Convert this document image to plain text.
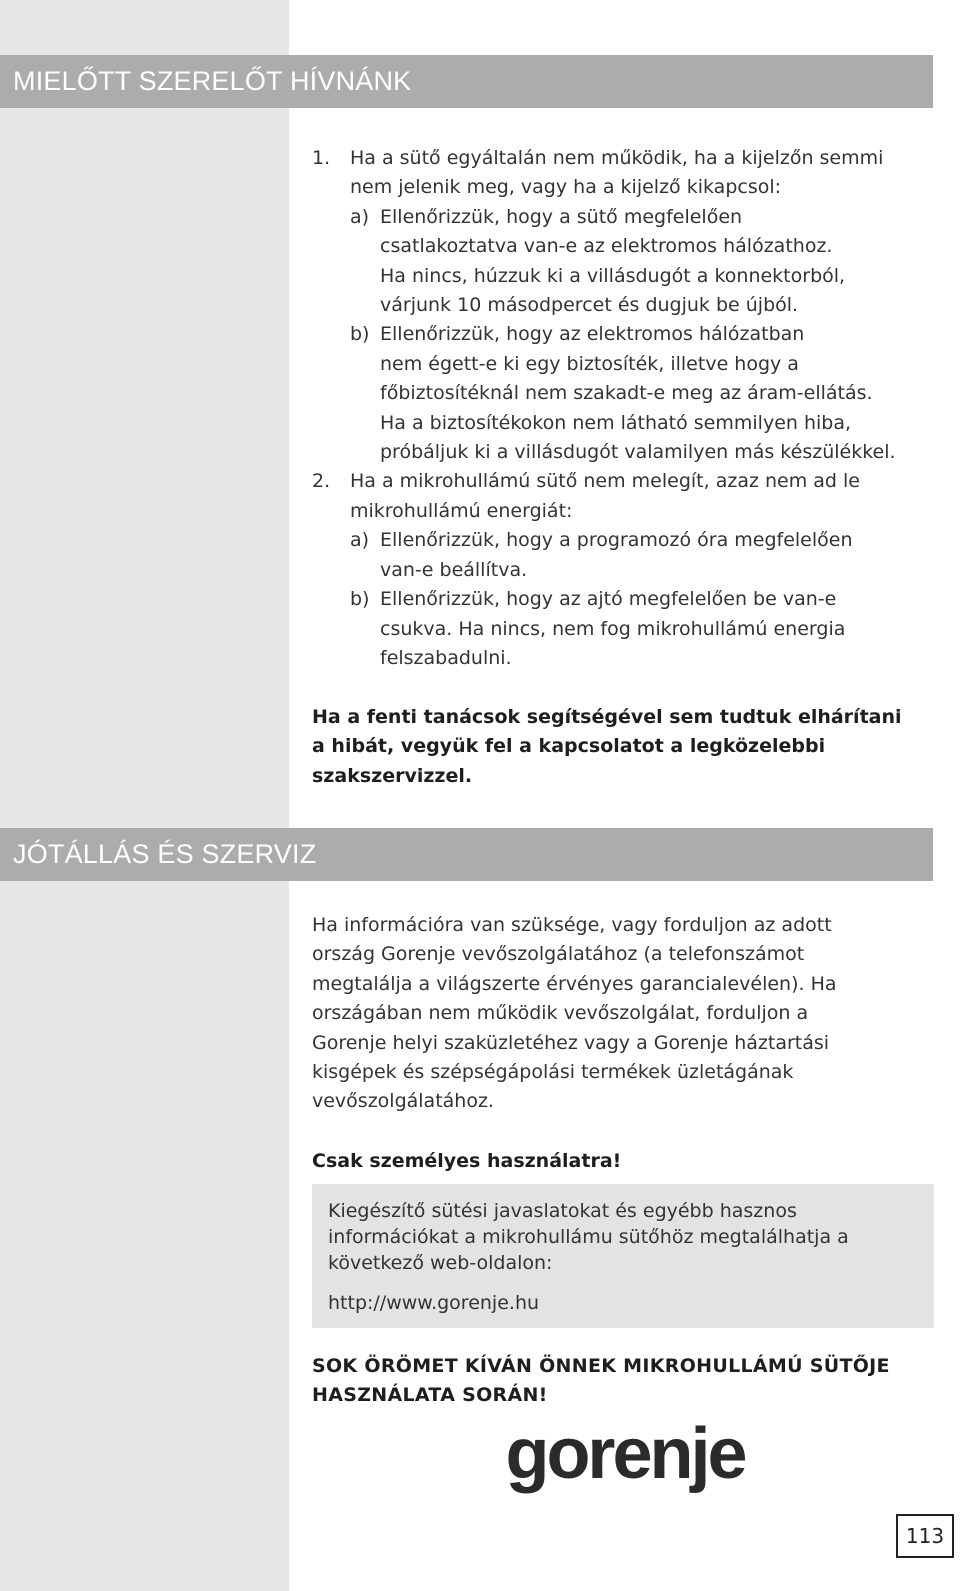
MIELŐTT SZERELŐT HÍVNÁNK
1. Ha a sütő egyáltalán nem működik, ha a kijelzőn semmi
nem jelenik meg, vagy ha a kijelző kikapcsol:
a) Ellenőrizzük, hogy a sütő megfelelően
csatlakoztatva van-e az elektromos hálózathoz.
Ha nincs, húzzuk ki a villásdugót a konnektorból,
várjunk 10 másodpercet és dugjuk be újból.
b) Ellenőrizzük, hogy az elektromos hálózatban
nem égett-e ki egy biztosíték, illetve hogy a
főbiztosítéknál nem szakadt-e meg az áram-ellátás.
Ha a biztosítékokon nem látható semmilyen hiba,
próbáljuk ki a villásdugót valamilyen más készülékkel.
2. Ha a mikrohullámú sütő nem melegít, azaz nem ad le
mikrohullámú energiát:
a) Ellenőrizzük, hogy a programozó óra megfelelően
van-e beállítva.
b) Ellenőrizzük, hogy az ajtó megfelelően be van-e
csukva. Ha nincs, nem fog mikrohullámú energia
felszabadulni.
Ha a fenti tanácsok segítségével sem tudtuk elhárítani
a hibát, vegyük fel a kapcsolatot a legközelebbi
szakszervizzel.
JÓTÁLLÁS ÉS SZERVIZ
Ha információra van szüksége, vagy forduljon az adott
ország Gorenje vevőszolgálatához (a telefonszámot
megtalálja a világszerte érvényes garancialevélen). Ha
országában nem működik vevőszolgálat, forduljon a
Gorenje helyi szaküzletéhez vagy a Gorenje háztartási
kisgépek és szépségápolási termékek üzletágának
vevőszolgálatához.
Csak személyes használatra!
Kiegészítő sütési javaslatokat és egyébb hasznos
információkat a mikrohullámu sütőhöz megtalálhatja a
következő web-oldalon:
http://www.gorenje.hu
SOK ÖRÖMET KÍVÁN ÖNNEK MIKROHULLÁMÚ SÜTŐJE
HASZNÁLATA SORÁN!
gorenje
113
